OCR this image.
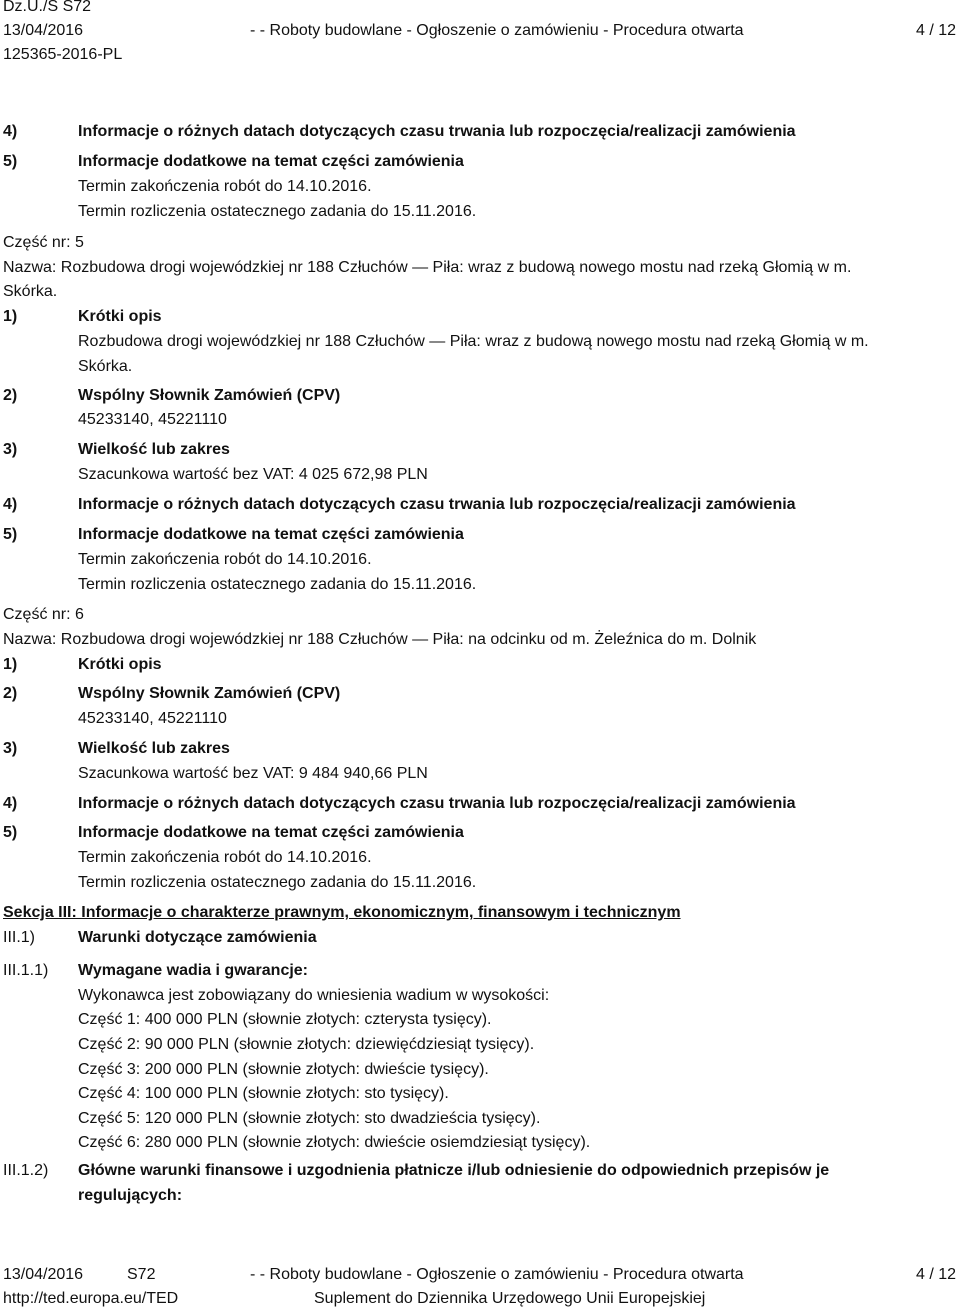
Dz.U./S S72
13/04/2016	- - Roboty budowlane - Ogłoszenie o zamówieniu - Procedura otwarta	4 / 12
125365-2016-PL
4)	Informacje o różnych datach dotyczących czasu trwania lub rozpoczęcia/realizacji zamówienia
5)	Informacje dodatkowe na temat części zamówienia
Termin zakończenia robót do 14.10.2016.
Termin rozliczenia ostatecznego zadania do 15.11.2016.
Część nr: 5
Nazwa: Rozbudowa drogi wojewódzkiej nr 188 Człuchów — Piła: wraz z budową nowego mostu nad rzeką Głomią w m.
Skórka.
1)	Krótki opis
Rozbudowa drogi wojewódzkiej nr 188 Człuchów — Piła: wraz z budową nowego mostu nad rzeką Głomią w m.
Skórka.
2)	Wspólny Słownik Zamówień (CPV)
45233140, 45221110
3)	Wielkość lub zakres
Szacunkowa wartość bez VAT: 4 025 672,98 PLN
4)	Informacje o różnych datach dotyczących czasu trwania lub rozpoczęcia/realizacji zamówienia
5)	Informacje dodatkowe na temat części zamówienia
Termin zakończenia robót do 14.10.2016.
Termin rozliczenia ostatecznego zadania do 15.11.2016.
Część nr: 6
Nazwa: Rozbudowa drogi wojewódzkiej nr 188 Człuchów — Piła: na odcinku od m. Żeleźnica do m. Dolnik
1)	Krótki opis
2)	Wspólny Słownik Zamówień (CPV)
45233140, 45221110
3)	Wielkość lub zakres
Szacunkowa wartość bez VAT: 9 484 940,66 PLN
4)	Informacje o różnych datach dotyczących czasu trwania lub rozpoczęcia/realizacji zamówienia
5)	Informacje dodatkowe na temat części zamówienia
Termin zakończenia robót do 14.10.2016.
Termin rozliczenia ostatecznego zadania do 15.11.2016.
Sekcja III: Informacje o charakterze prawnym, ekonomicznym, finansowym i technicznym
III.1)	Warunki dotyczące zamówienia
III.1.1) Wymagane wadia i gwarancje:
Wykonawca jest zobowiązany do wniesienia wadium w wysokości:
Część 1: 400 000 PLN (słownie złotych: czterysta tysięcy).
Część 2: 90 000 PLN (słownie złotych: dziewięćdziesiąt tysięcy).
Część 3: 200 000 PLN (słownie złotych: dwieście tysięcy).
Część 4: 100 000 PLN (słownie złotych: sto tysięcy).
Część 5: 120 000 PLN (słownie złotych: sto dwadzieścia tysięcy).
Część 6: 280 000 PLN (słownie złotych: dwieście osiemdziesiąt tysięcy).
III.1.2) Główne warunki finansowe i uzgodnienia płatnicze i/lub odniesienie do odpowiednich przepisów je
regulujących:
13/04/2016	S72	- - Roboty budowlane - Ogłoszenie o zamówieniu - Procedura otwarta	4 / 12
http://ted.europa.eu/TED	Suplement do Dziennika Urzędowego Unii Europejskiej
